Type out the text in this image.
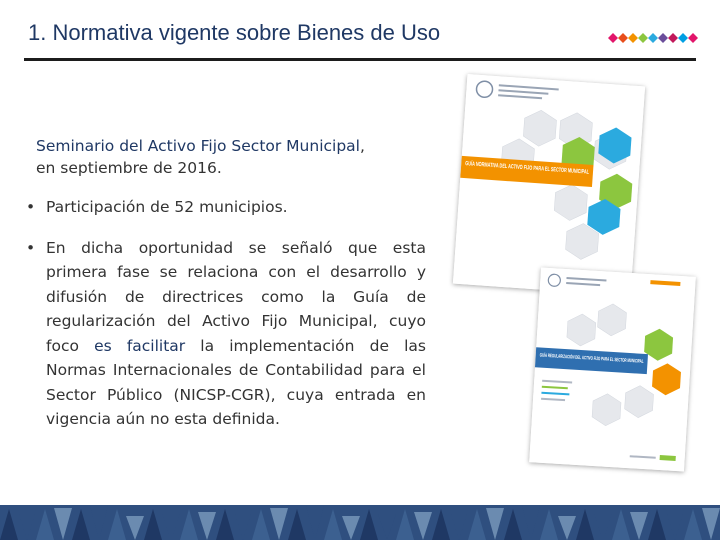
1. Normativa vigente sobre Bienes de Uso

Seminario del Activo Fijo Sector Municipal,
en septiembre de 2016.

• Participación de 52 municipios.

• En dicha oportunidad se señaló que esta primera fase se relaciona con el desarrollo y difusión de directrices como la Guía de regularización del Activo Fijo Municipal, cuyo foco es facilitar la implementación de las Normas Internacionales de Contabilidad para el Sector Público (NICSP-CGR), cuya entrada en vigencia aún no esta definida.

GUÍA NORMATIVA DEL ACTIVO FIJO PARA EL SECTOR MUNICIPAL
GUÍA REGULARIZACIÓN DEL ACTIVO FIJO PARA EL SECTOR MUNICIPAL
